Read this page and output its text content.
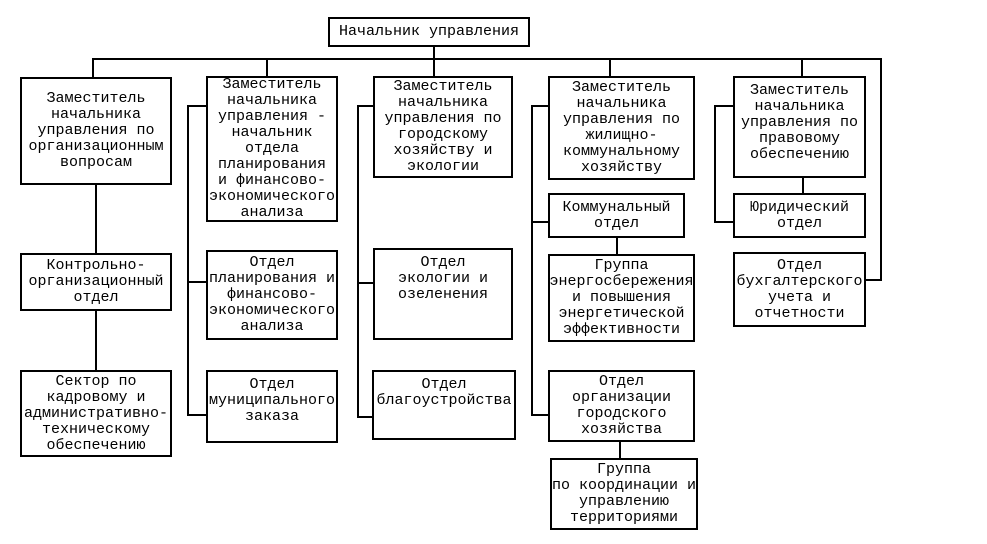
Начальник управления
Заместитель
начальника
управления по
организационным
вопросам
Контрольно-
организационный
отдел
Сектор по
кадровому и
административно-
техническому
обеспечению
Заместитель
начальника
управления -
начальник
отдела
планирования
и финансово-
экономического
анализа
Отдел
планирования и
финансово-
экономического
анализа
Отдел
муниципального
заказа
Заместитель
начальника
управления по
городскому
хозяйству и
экологии
Отдел
экологии и
озеленения
Отдел
благоустройства
Заместитель
начальника
управления по
жилищно-
коммунальному
хозяйству
Коммунальный
отдел
Группа
энергосбережения
и повышения
энергетической
эффективности
Отдел
организации
городского
хозяйства
Группа
по координации и
управлению
территориями
Заместитель
начальника
управления по
правовому
обеспечению
Юридический
отдел
Отдел
бухгалтерского
учета и
отчетности
